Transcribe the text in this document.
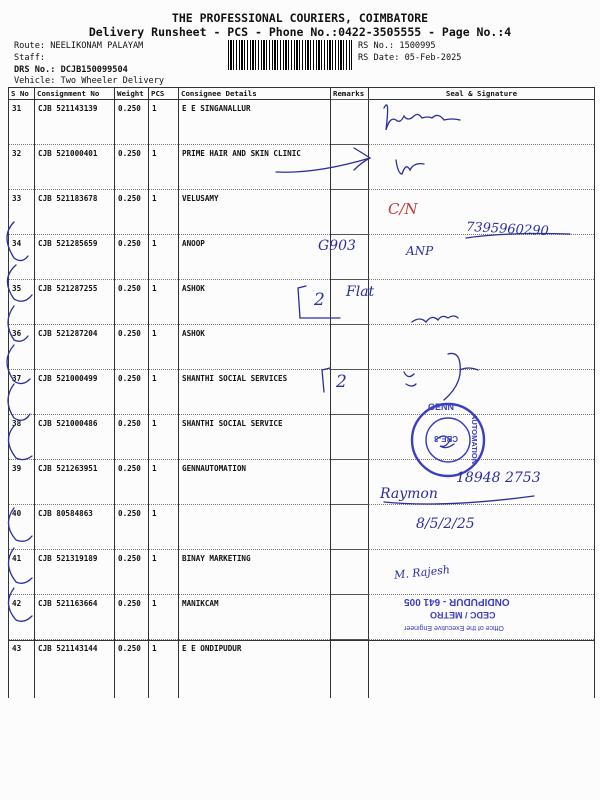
THE PROFESSIONAL COURIERS, COIMBATORE
Delivery Runsheet - PCS - Phone No.:0422-3505555 - Page No.:4
Route: NEELIKONAM PALAYAM
Staff:
DRS No.: DCJB150099504
Vehicle: Two Wheeler Delivery
RS No.: 1500995
RS Date: 05-Feb-2025
S No	Consignment No	Weight	PCS	Consignee Details	Remarks	Seal & Signature
31	CJB 521143139	0.250	1	E E SINGANALLUR		
32	CJB 521000401	0.250	1	PRIME HAIR AND SKIN CLINIC		
33	CJB 521183678	0.250	1	VELUSAMY		
34	CJB 521285659	0.250	1	ANOOP		
35	CJB 521287255	0.250	1	ASHOK		
36	CJB 521287204	0.250	1	ASHOK		
37	CJB 521000499	0.250	1	SHANTHI SOCIAL SERVICES		
38	CJB 521000486	0.250	1	SHANTHI SOCIAL SERVICE		
39	CJB 521263951	0.250	1	GENNAUTOMATION		
40	CJB 80584863	0.250	1			
41	CJB 521319189	0.250	1	BINAY MARKETING		
42	CJB 521163664	0.250	1	MANIKCAM		
43	CJB 521143144	0.250	1	E E ONDIPUDUR		
7395960290
G903	ANP
C/N
Flat
2
2
Raymon
18948 2753
8/5/2/25
M. Rajesh
GENN
AUTOMATION
CBE-3
ONDIPUDUR - 641 005
CEDC / METRO
Office of the Executive Engineer
